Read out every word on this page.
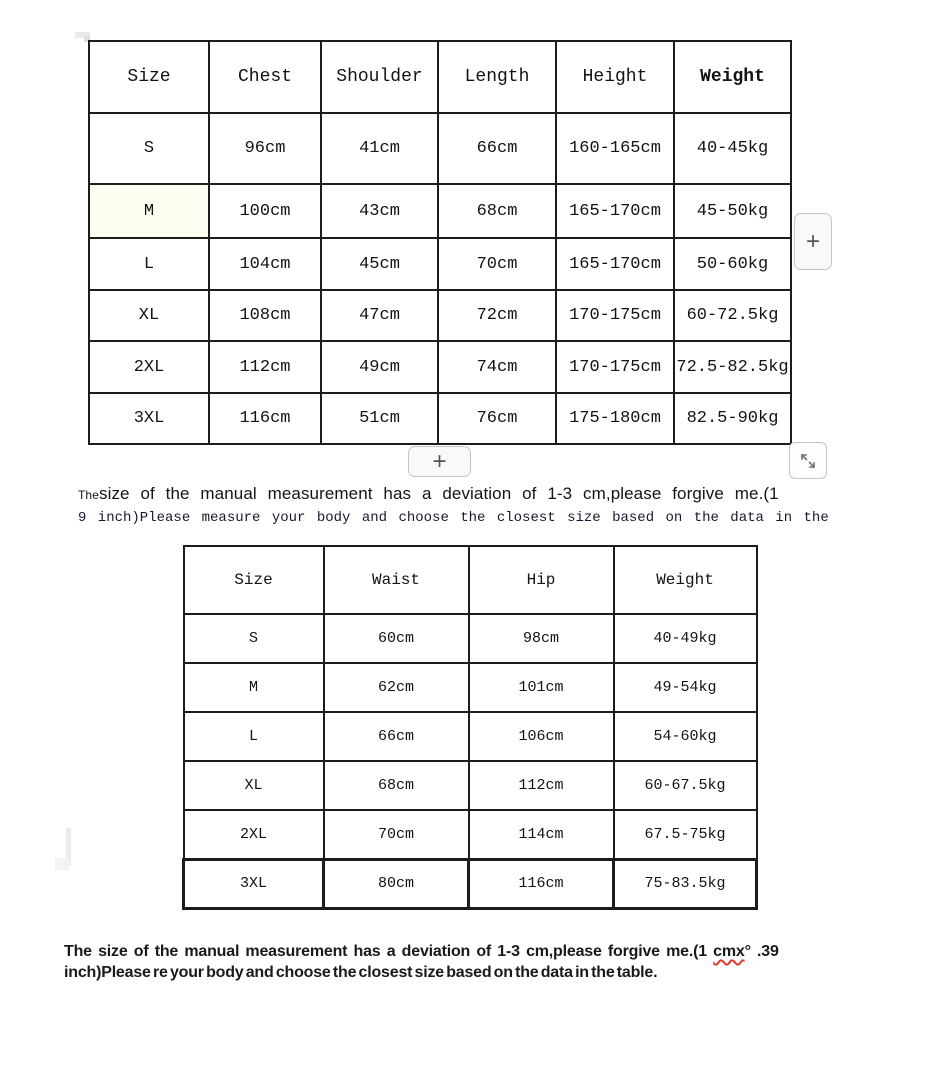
Size	Chest	Shoulder	Length	Height	Weight
S	96cm	41cm	66cm	160-165cm	40-45kg
M	100cm	43cm	68cm	165-170cm	45-50kg
L	104cm	45cm	70cm	165-170cm	50-60kg
XL	108cm	47cm	72cm	170-175cm	60-72.5kg
2XL	112cm	49cm	74cm	170-175cm	72.5-82.5kg
3XL	116cm	51cm	76cm	175-180cm	82.5-90kg
+
+
Thesize of the manual measurement has a deviation of 1-3 cm,please forgive me.(1
9 inch)Please measure your body and choose the closest size based on the data in the
Size	Waist	Hip	Weight
S	60cm	98cm	40-49kg
M	62cm	101cm	49-54kg
L	66cm	106cm	54-60kg
XL	68cm	112cm	60-67.5kg
2XL	70cm	114cm	67.5-75kg
3XL	80cm	116cm	75-83.5kg
The size of the manual measurement has a deviation of 1-3 cm,please forgive me.(1 cmx° .39
inch)Please re your body and choose the closest size based on the data in the table.
